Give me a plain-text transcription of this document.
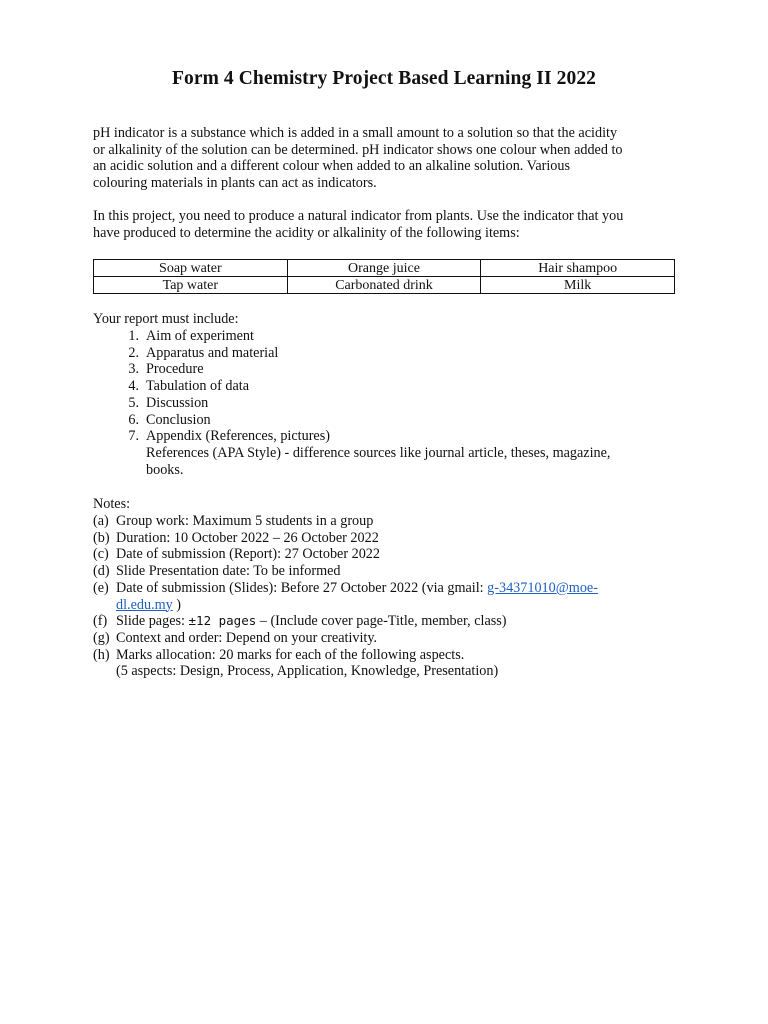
Form 4 Chemistry Project Based Learning II 2022
pH indicator is a substance which is added in a small amount to a solution so that the acidity
or alkalinity of the solution can be determined. pH indicator shows one colour when added to
an acidic solution and a different colour when added to an alkaline solution. Various
colouring materials in plants can act as indicators.
In this project, you need to produce a natural indicator from plants. Use the indicator that you
have produced to determine the acidity or alkalinity of the following items:
Soap water	Orange juice	Hair shampoo
Tap water	Carbonated drink	Milk
Your report must include:
1. Aim of experiment
2. Apparatus and material
3. Procedure
4. Tabulation of data
5. Discussion
6. Conclusion
7. Appendix (References, pictures)
References (APA Style) - difference sources like journal article, theses, magazine,
books.
Notes:
(a) Group work: Maximum 5 students in a group
(b) Duration: 10 October 2022 – 26 October 2022
(c) Date of submission (Report): 27 October 2022
(d) Slide Presentation date: To be informed
(e) Date of submission (Slides): Before 27 October 2022 (via gmail: g-34371010@moe-
dl.edu.my )
(f) Slide pages: ±12 pages – (Include cover page-Title, member, class)
(g) Context and order: Depend on your creativity.
(h) Marks allocation: 20 marks for each of the following aspects.
(5 aspects: Design, Process, Application, Knowledge, Presentation)
